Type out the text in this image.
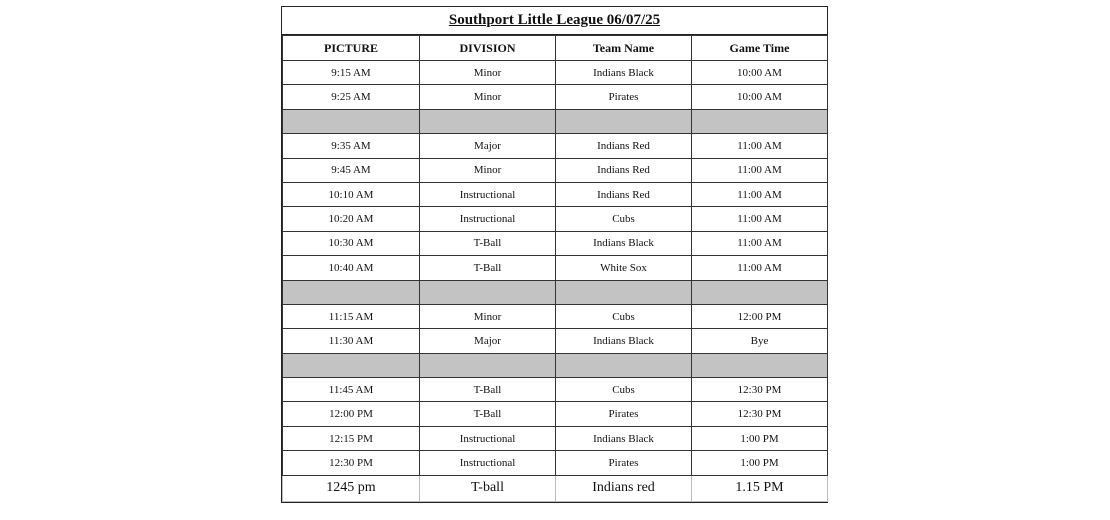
Southport Little League 06/07/25
PICTURE	DIVISION	Team Name	Game Time
9:15 AM	Minor	Indians Black	10:00 AM
9:25 AM	Minor	Pirates	10:00 AM

9:35 AM	Major	Indians Red	11:00 AM
9:45 AM	Minor	Indians Red	11:00 AM
10:10 AM	Instructional	Indians Red	11:00 AM
10:20 AM	Instructional	Cubs	11:00 AM
10:30 AM	T-Ball	Indians Black	11:00 AM
10:40 AM	T-Ball	White Sox	11:00 AM

11:15 AM	Minor	Cubs	12:00 PM
11:30 AM	Major	Indians Black	Bye

11:45 AM	T-Ball	Cubs	12:30 PM
12:00 PM	T-Ball	Pirates	12:30 PM
12:15 PM	Instructional	Indians Black	1:00 PM
12:30 PM	Instructional	Pirates	1:00 PM
1245 pm	T-ball	Indians red	1.15 PM
